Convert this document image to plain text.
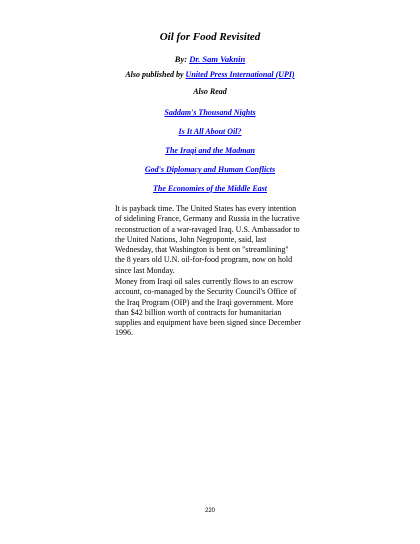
Oil for Food Revisited
By: Dr. Sam Vaknin
Also published by United Press International (UPI)
Also Read
Saddam's Thousand Nights
Is It All About Oil?
The Iraqi and the Madman
God's Diplomacy and Human Conflicts
The Economies of the Middle East

It is payback time. The United States has every intention
of sidelining France, Germany and Russia in the lucrative
reconstruction of a war-ravaged Iraq. U.S. Ambassador to
the United Nations, John Negroponte, said, last
Wednesday, that Washington is bent on "streamlining"
the 8 years old U.N. oil-for-food program, now on hold
since last Monday.

Money from Iraqi oil sales currently flows to an escrow
account, co-managed by the Security Council's Office of
the Iraq Program (OIP) and the Iraqi government. More
than $42 billion worth of contracts for humanitarian
supplies and equipment have been signed since December
1996.

220
